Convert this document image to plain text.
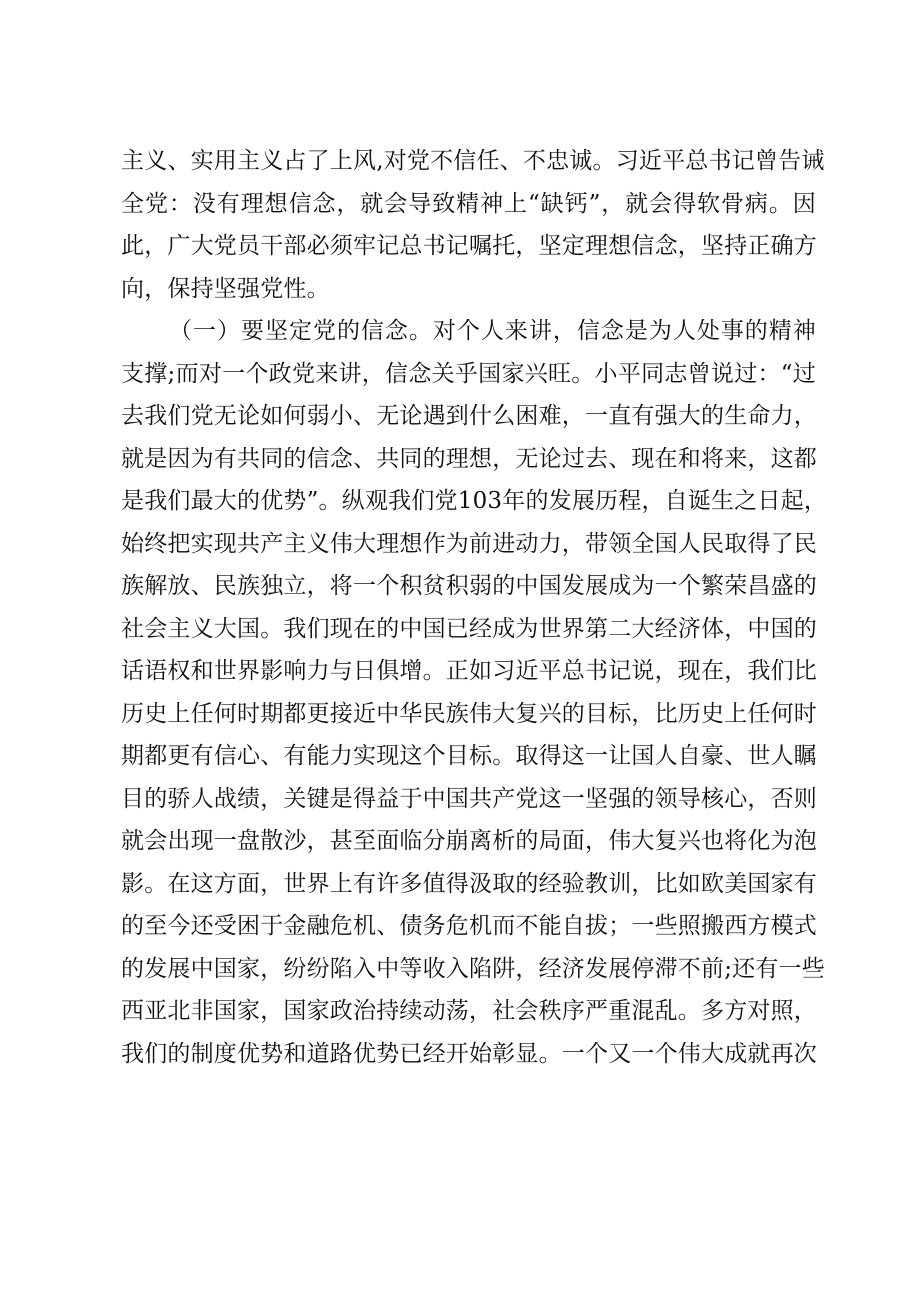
主义、实用主义占了上风,对党不信任、不忠诚。习近平总书记曾告诫
全党：没有理想信念，就会导致精神上“缺钙”，就会得软骨病。因
此，广大党员干部必须牢记总书记嘱托，坚定理想信念，坚持正确方
向，保持坚强党性。
（一）要坚定党的信念。对个人来讲，信念是为人处事的精神
支撑;而对一个政党来讲，信念关乎国家兴旺。小平同志曾说过：“过
去我们党无论如何弱小、无论遇到什么困难，一直有强大的生命力，
就是因为有共同的信念、共同的理想，无论过去、现在和将来，这都
是我们最大的优势”。纵观我们党103年的发展历程，自诞生之日起，
始终把实现共产主义伟大理想作为前进动力，带领全国人民取得了民
族解放、民族独立，将一个积贫积弱的中国发展成为一个繁荣昌盛的
社会主义大国。我们现在的中国已经成为世界第二大经济体，中国的
话语权和世界影响力与日俱增。正如习近平总书记说，现在，我们比
历史上任何时期都更接近中华民族伟大复兴的目标，比历史上任何时
期都更有信心、有能力实现这个目标。取得这一让国人自豪、世人瞩
目的骄人战绩，关键是得益于中国共产党这一坚强的领导核心，否则
就会出现一盘散沙，甚至面临分崩离析的局面，伟大复兴也将化为泡
影。在这方面，世界上有许多值得汲取的经验教训，比如欧美国家有
的至今还受困于金融危机、债务危机而不能自拔；一些照搬西方模式
的发展中国家，纷纷陷入中等收入陷阱，经济发展停滞不前;还有一些
西亚北非国家，国家政治持续动荡，社会秩序严重混乱。多方对照，
我们的制度优势和道路优势已经开始彰显。一个又一个伟大成就再次
